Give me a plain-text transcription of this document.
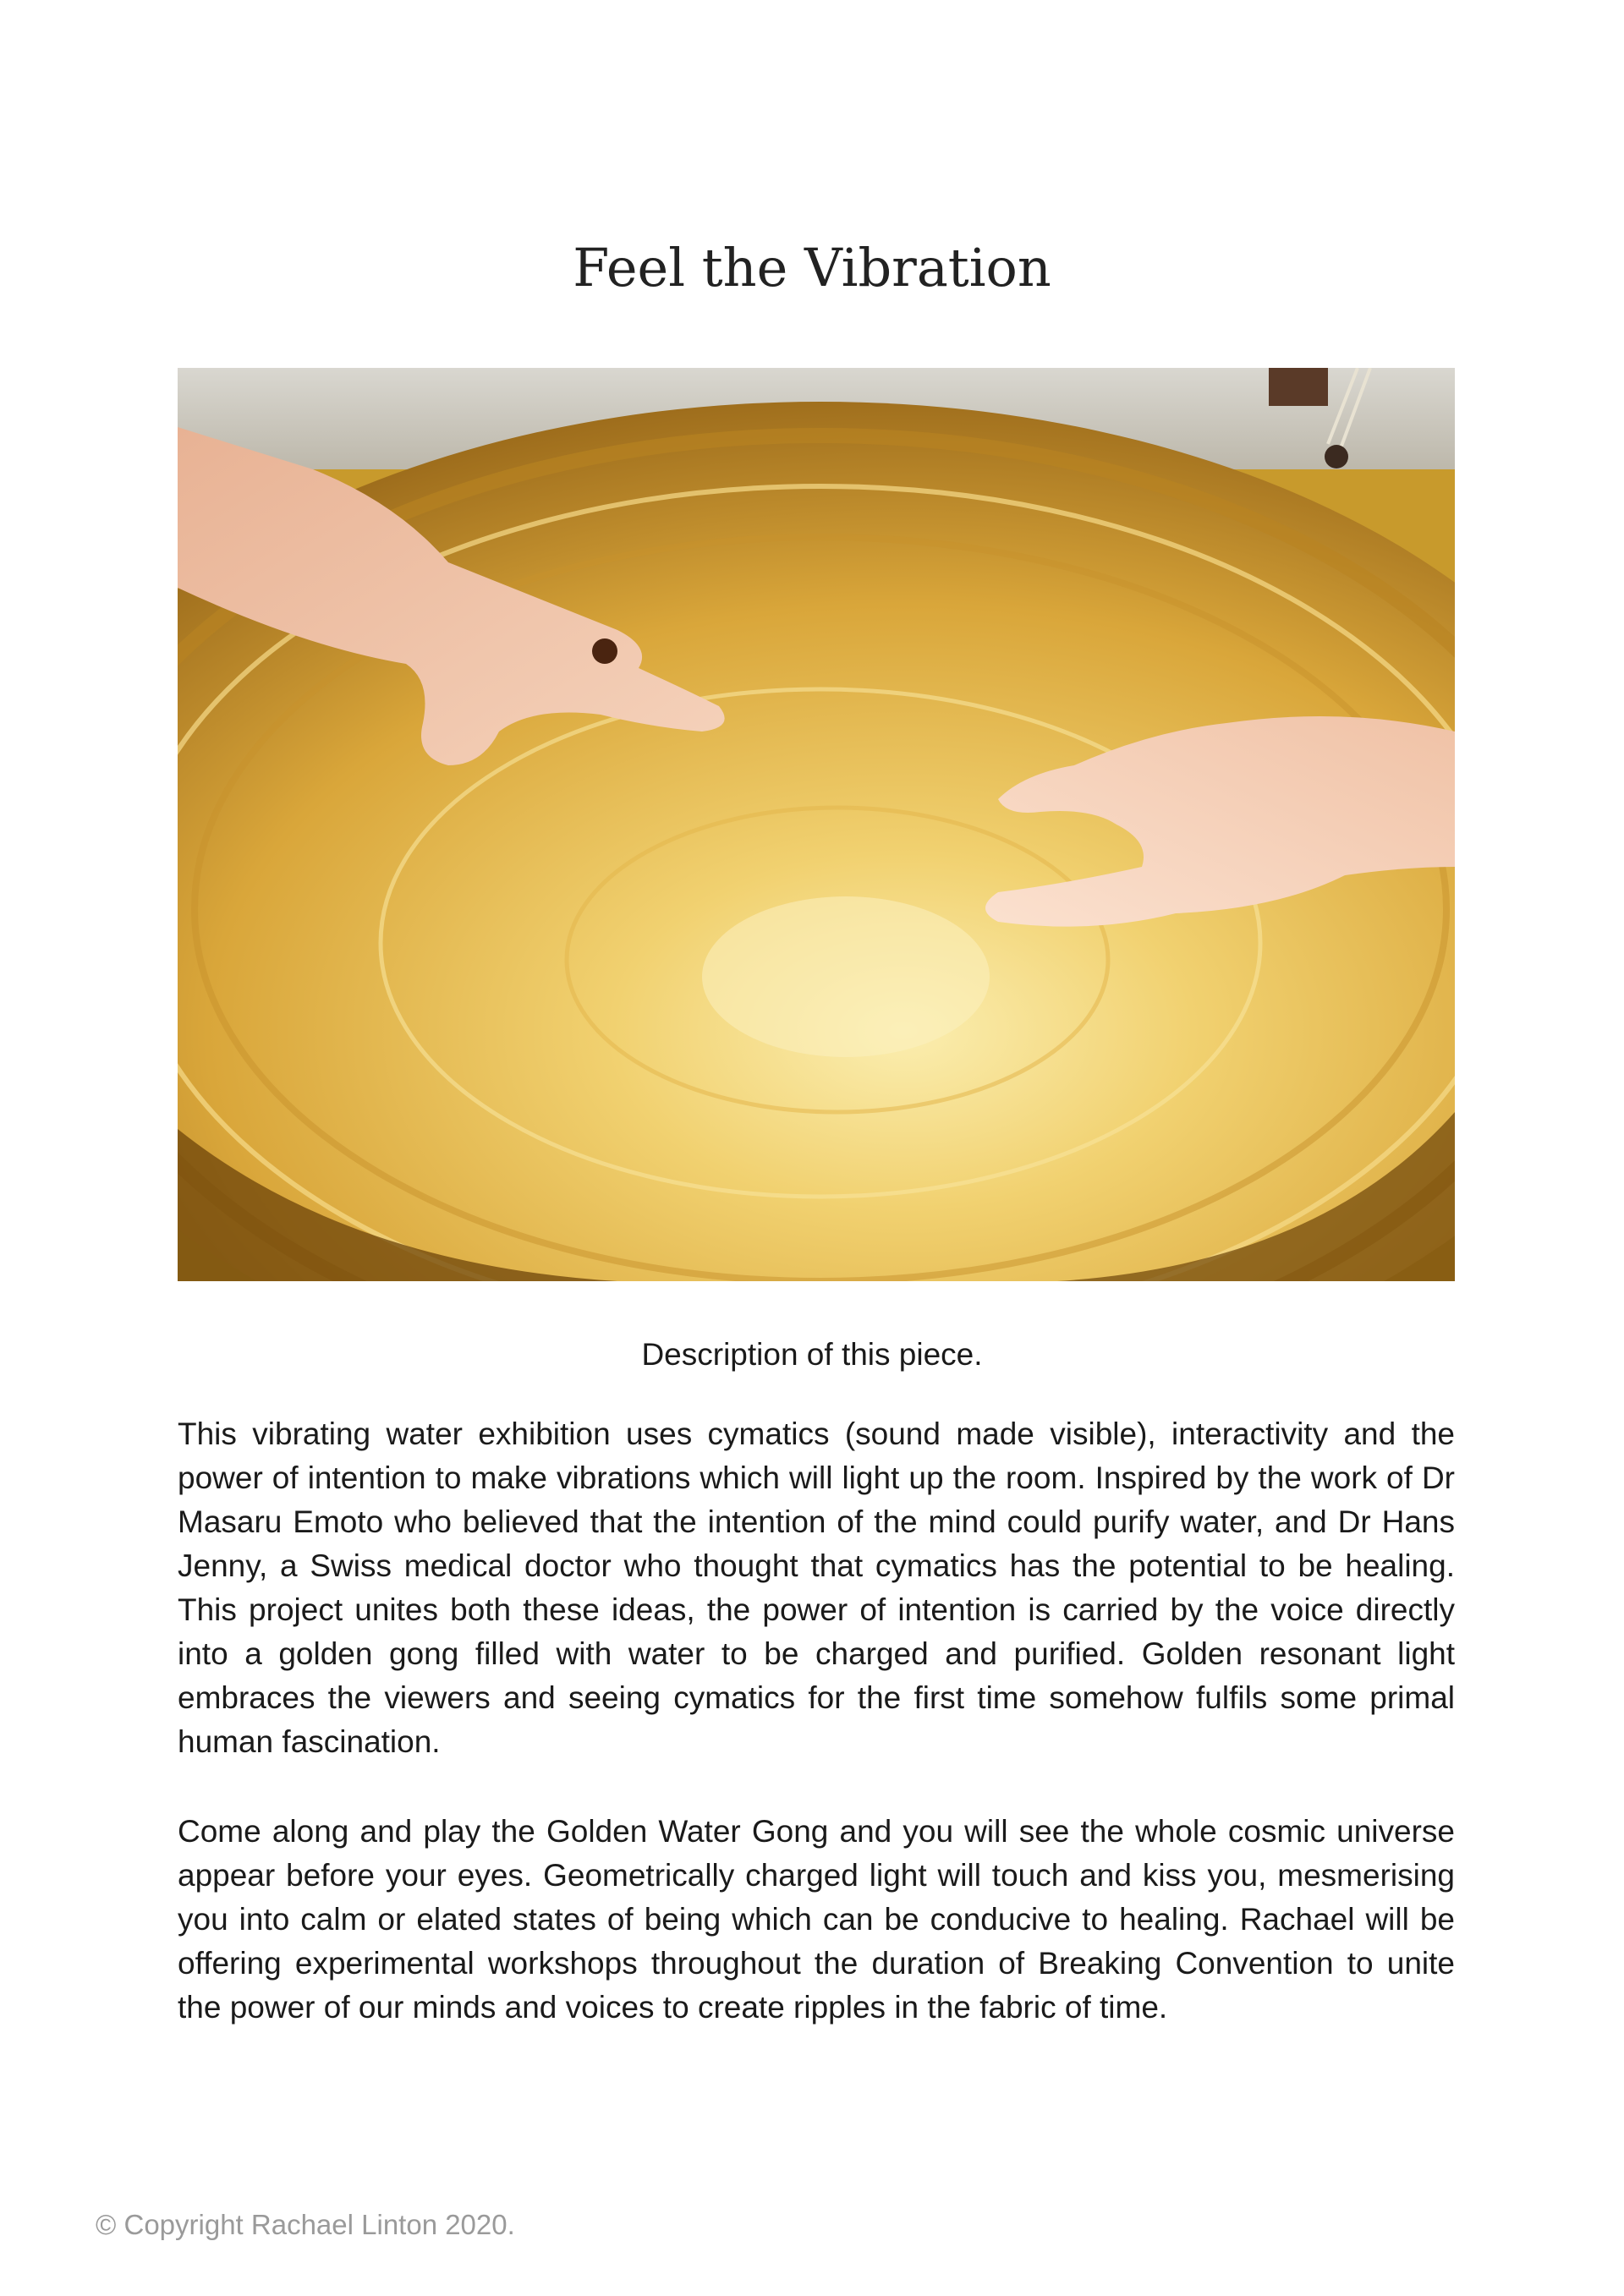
Feel the Vibration
Description of this piece.

This vibrating water exhibition uses cymatics (sound made visible), interactivity and the power of intention to make vibrations which will light up the room. Inspired by the work of Dr Masaru Emoto who believed that the intention of the mind could purify water, and Dr Hans Jenny, a Swiss medical doctor who thought that cymatics has the potential to be healing. This project unites both these ideas, the power of intention is carried by the voice directly into a golden gong filled with water to be charged and purified. Golden resonant light embraces the viewers and seeing cymatics for the first time somehow fulfils some primal human fascination.

Come along and play the Golden Water Gong and you will see the whole cosmic universe appear before your eyes. Geometrically charged light will touch and kiss you, mesmerising you into calm or elated states of being which can be conducive to healing. Rachael will be offering experimental workshops throughout the duration of Breaking Convention to unite the power of our minds and voices to create ripples in the fabric of time.

© Copyright Rachael Linton 2020.
